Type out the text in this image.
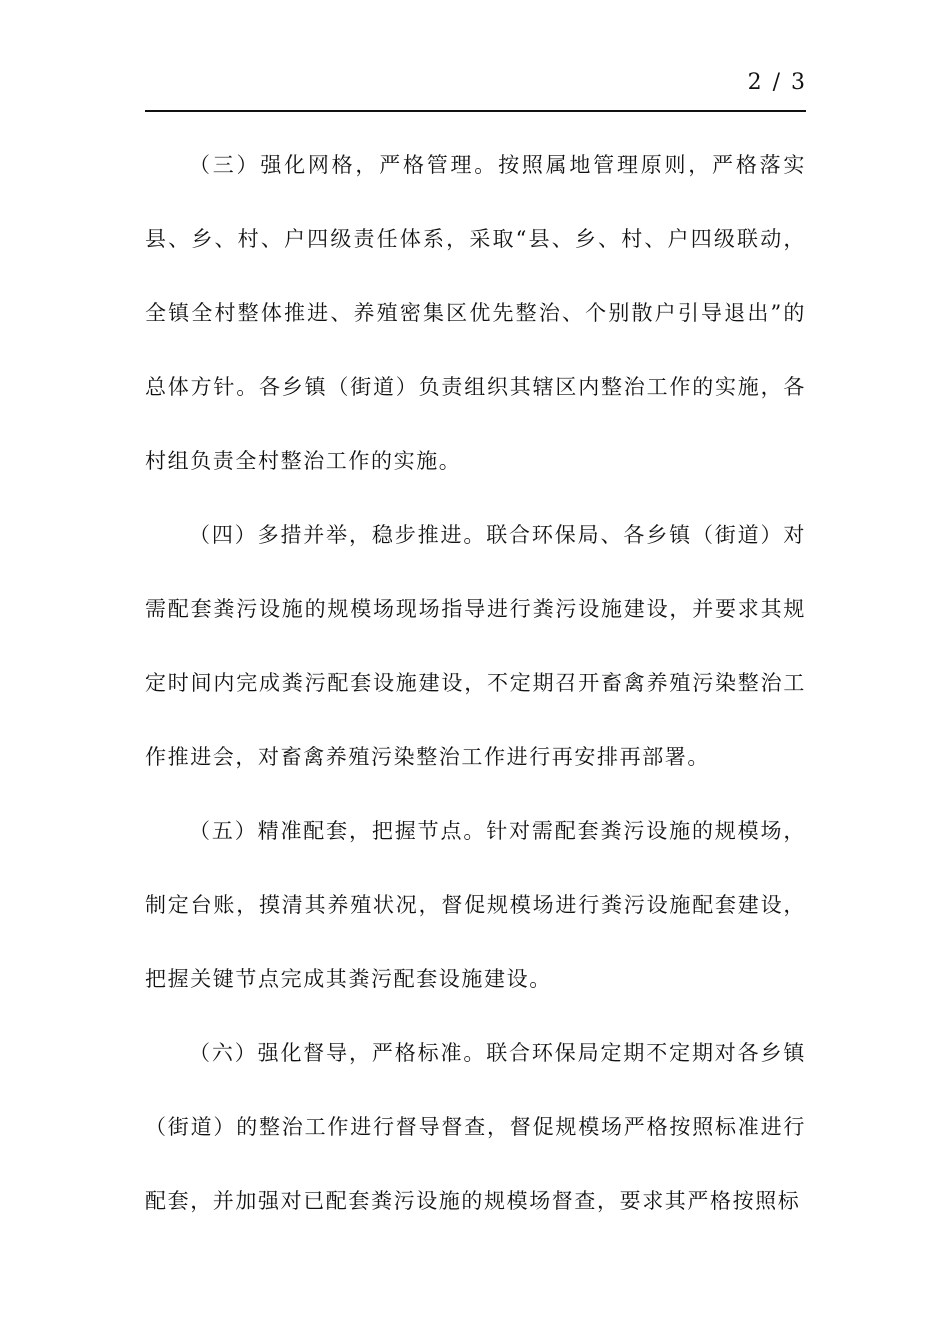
2 / 3

（三）强化网格，严格管理。按照属地管理原则，严格落实县、乡、村、户四级责任体系，采取“县、乡、村、户四级联动，全镇全村整体推进、养殖密集区优先整治、个别散户引导退出”的总体方针。各乡镇（街道）负责组织其辖区内整治工作的实施，各村组负责全村整治工作的实施。

（四）多措并举，稳步推进。联合环保局、各乡镇（街道）对需配套粪污设施的规模场现场指导进行粪污设施建设，并要求其规定时间内完成粪污配套设施建设，不定期召开畜禽养殖污染整治工作推进会，对畜禽养殖污染整治工作进行再安排再部署。

（五）精准配套，把握节点。针对需配套粪污设施的规模场，制定台账，摸清其养殖状况，督促规模场进行粪污设施配套建设，把握关键节点完成其粪污配套设施建设。

（六）强化督导，严格标准。联合环保局定期不定期对各乡镇（街道）的整治工作进行督导督查，督促规模场严格按照标准进行配套，并加强对已配套粪污设施的规模场督查，要求其严格按照标
